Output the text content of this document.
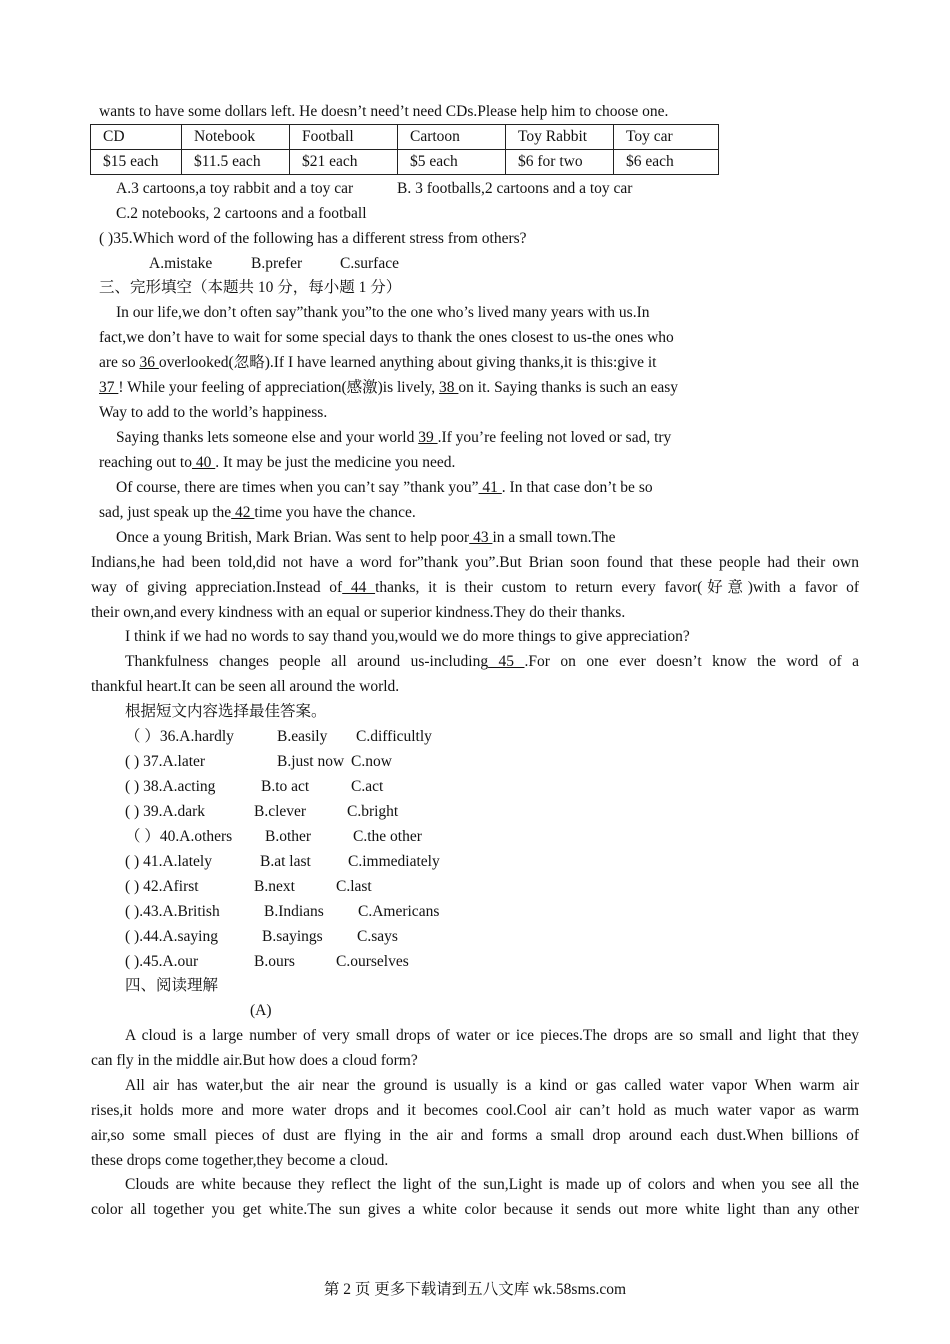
wants to have some dollars left. He doesn’t need’t need CDs.Please help him to choose one.
CD	Notebook	Football	Cartoon	Toy Rabbit	Toy car
$15 each	$11.5 each	$21 each	$5 each	$6 for two	$6 each
A.3 cartoons,a toy rabbit and a toy car	B. 3 footballs,2 cartoons and a toy car
C.2 notebooks, 2 cartoons and a football
( )35.Which word of the following has a different stress from others?
A.mistake B.prefer C.surface
三、完形填空（本题共 10 分，每小题 1 分）
In our life,we don’t often say”thank you”to the one who’s lived many years with us.In
fact,we don’t have to wait for some special days to thank the ones closest to us-the ones who
are so 36 overlooked(忽略).If I have learned anything about giving thanks,it is this:give it
37 ! While your feeling of appreciation(感激)is lively, 38 on it. Saying thanks is such an easy
Way to add to the world’s happiness.
Saying thanks lets someone else and your world 39 .If you’re feeling not loved or sad, try
reaching out to 40 . It may be just the medicine you need.
Of course, there are times when you can’t say ”thank you” 41 . In that case don’t be so
sad, just speak up the 42 time you have the chance.
Once a young British, Mark Brian. Was sent to help poor 43 in a small town.The
Indians,he had been told,did not have a word for”thank you”.But Brian soon found that these people had their own
way of giving appreciation.Instead of 44 thanks, it is their custom to return every favor(好意)with a favor of
their own,and every kindness with an equal or superior kindness.They do their thanks.
I think if we had no words to say thand you,would we do more things to give appreciation?
Thankfulness changes people all around us-including 45 .For on one ever doesn’t know the word of a
thankful heart.It can be seen all around the world.
根据短文内容选择最佳答案。
（ ）36.A.hardly	B.easily C.difficultly
( ) 37.A.later	B.just now C.now
( ) 38.A.acting	B.to act	C.act
( ) 39.A.dark	B.clever	C.bright
（ ）40.A.others B.other	C.the other
( ) 41.A.lately	B.at last C.immediately
( ) 42.Afirst	B.next	C.last
( ).43.A.British	B.Indians C.Americans
( ).44.A.saying	B.sayings C.says
( ).45.A.our	B.ours	C.ourselves
四、阅读理解
(A)
A cloud is a large number of very small drops of water or ice pieces.The drops are so small and light that they
can fly in the middle air.But how does a cloud form?
All air has water,but the air near the ground is usually is a kind or gas called water vapor When warm air
rises,it holds more and more water drops and it becomes cool.Cool air can’t hold as much water vapor as warm
air,so some small pieces of dust are flying in the air and forms a small drop around each dust.When billions of
these drops come together,they become a cloud.
Clouds are white because they reflect the light of the sun,Light is made up of colors and when you see all the
color all together you get white.The sun gives a white color because it sends out more white light than any other
第 2 页 更多下载请到五八文库 wk.58sms.com
